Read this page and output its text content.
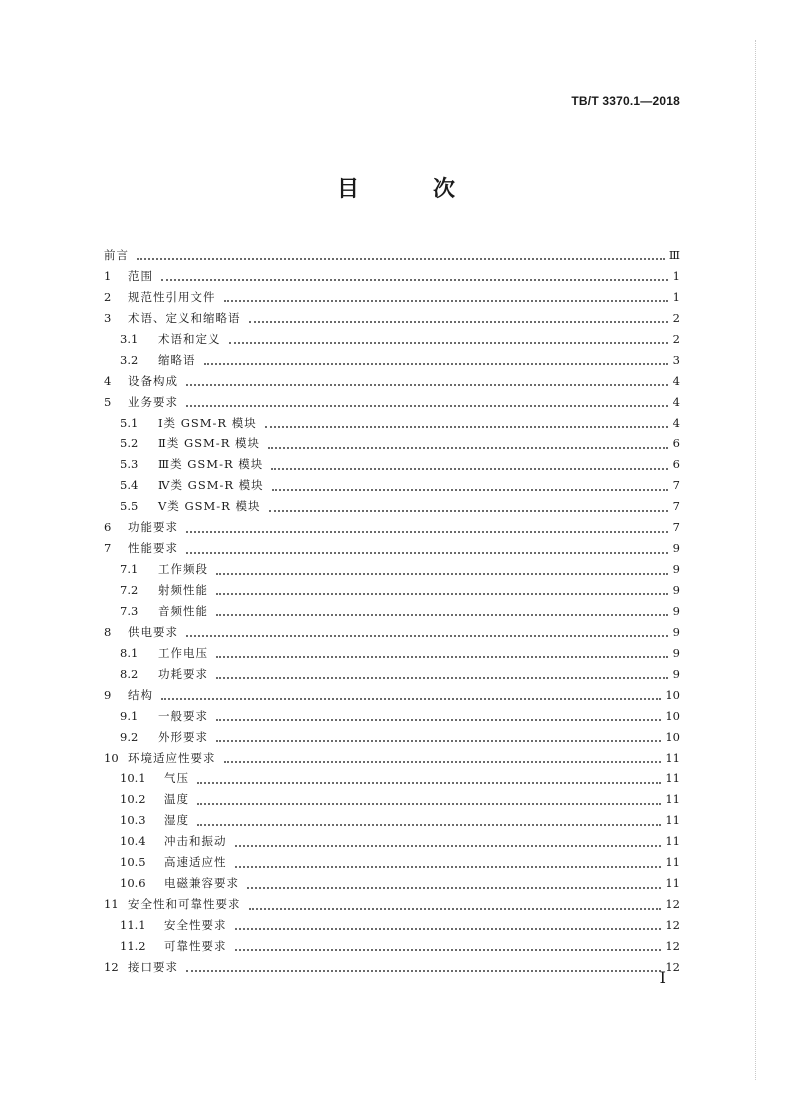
TB/T 3370.1—2018
目　次
前言	Ⅲ
1	范围	1
2	规范性引用文件	1
3	术语、定义和缩略语	2
3.1	术语和定义	2
3.2	缩略语	3
4	设备构成	4
5	业务要求	4
5.1	Ⅰ类 GSM-R 模块	4
5.2	Ⅱ类 GSM-R 模块	6
5.3	Ⅲ类 GSM-R 模块	6
5.4	Ⅳ类 GSM-R 模块	7
5.5	Ⅴ类 GSM-R 模块	7
6	功能要求	7
7	性能要求	9
7.1	工作频段	9
7.2	射频性能	9
7.3	音频性能	9
8	供电要求	9
8.1	工作电压	9
8.2	功耗要求	9
9	结构	10
9.1	一般要求	10
9.2	外形要求	10
10 环境适应性要求	11
10.1	气压	11
10.2	温度	11
10.3	湿度	11
10.4	冲击和振动	11
10.5	高速适应性	11
10.6	电磁兼容要求	11
11 安全性和可靠性要求	12
11.1	安全性要求	12
11.2	可靠性要求	12
12 接口要求	12
Ⅰ
